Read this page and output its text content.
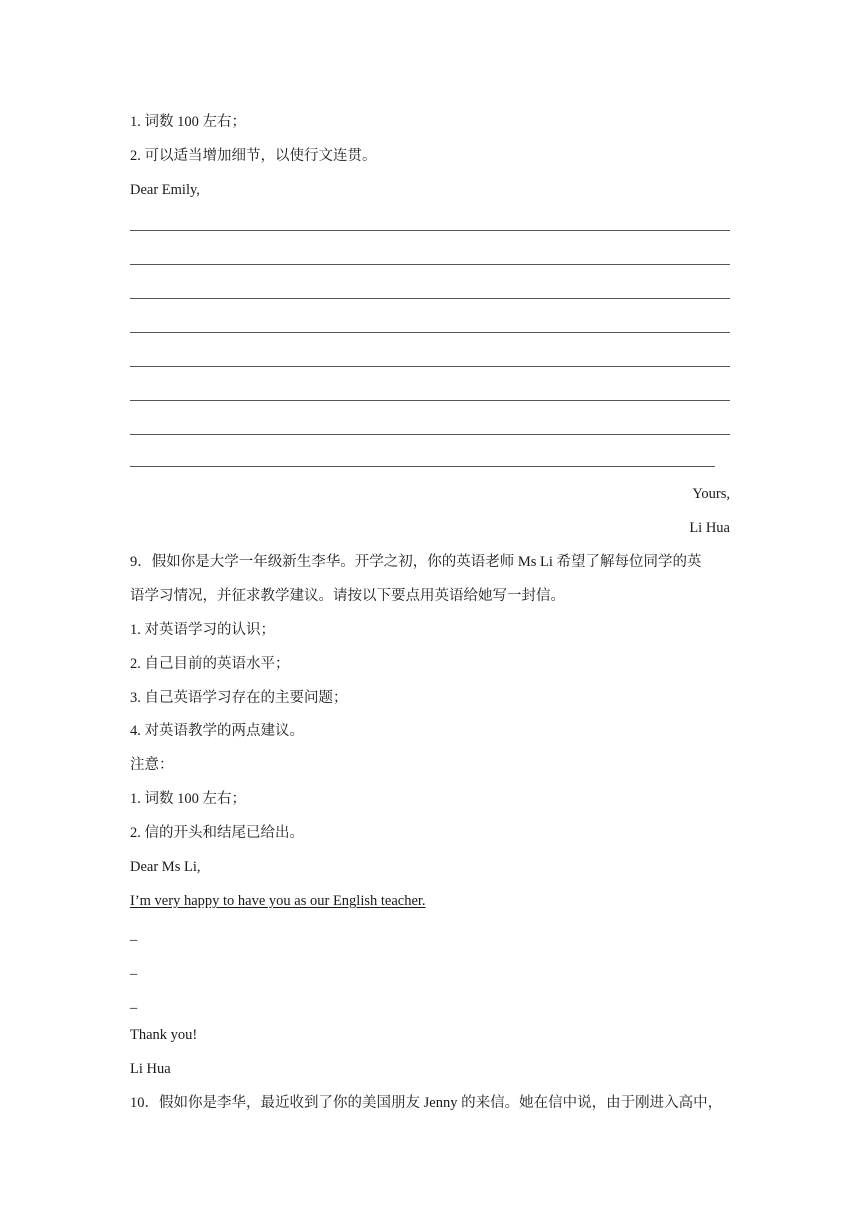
1. 词数 100 左右；
2. 可以适当增加细节，以使行文连贯。
Dear Emily,
Yours,
Li Hua
9．假如你是大学一年级新生李华。开学之初，你的英语老师 Ms Li 希望了解每位同学的英
语学习情况，并征求教学建议。请按以下要点用英语给她写一封信。
1. 对英语学习的认识；
2. 自己目前的英语水平；
3. 自己英语学习存在的主要问题；
4. 对英语教学的两点建议。
注意：
1. 词数 100 左右；
2. 信的开头和结尾已给出。
Dear Ms Li,
I’m very happy to have you as our English teacher.
_
_
_
Thank you!
Li Hua
10．假如你是李华，最近收到了你的美国朋友 Jenny 的来信。她在信中说，由于刚进入高中，
